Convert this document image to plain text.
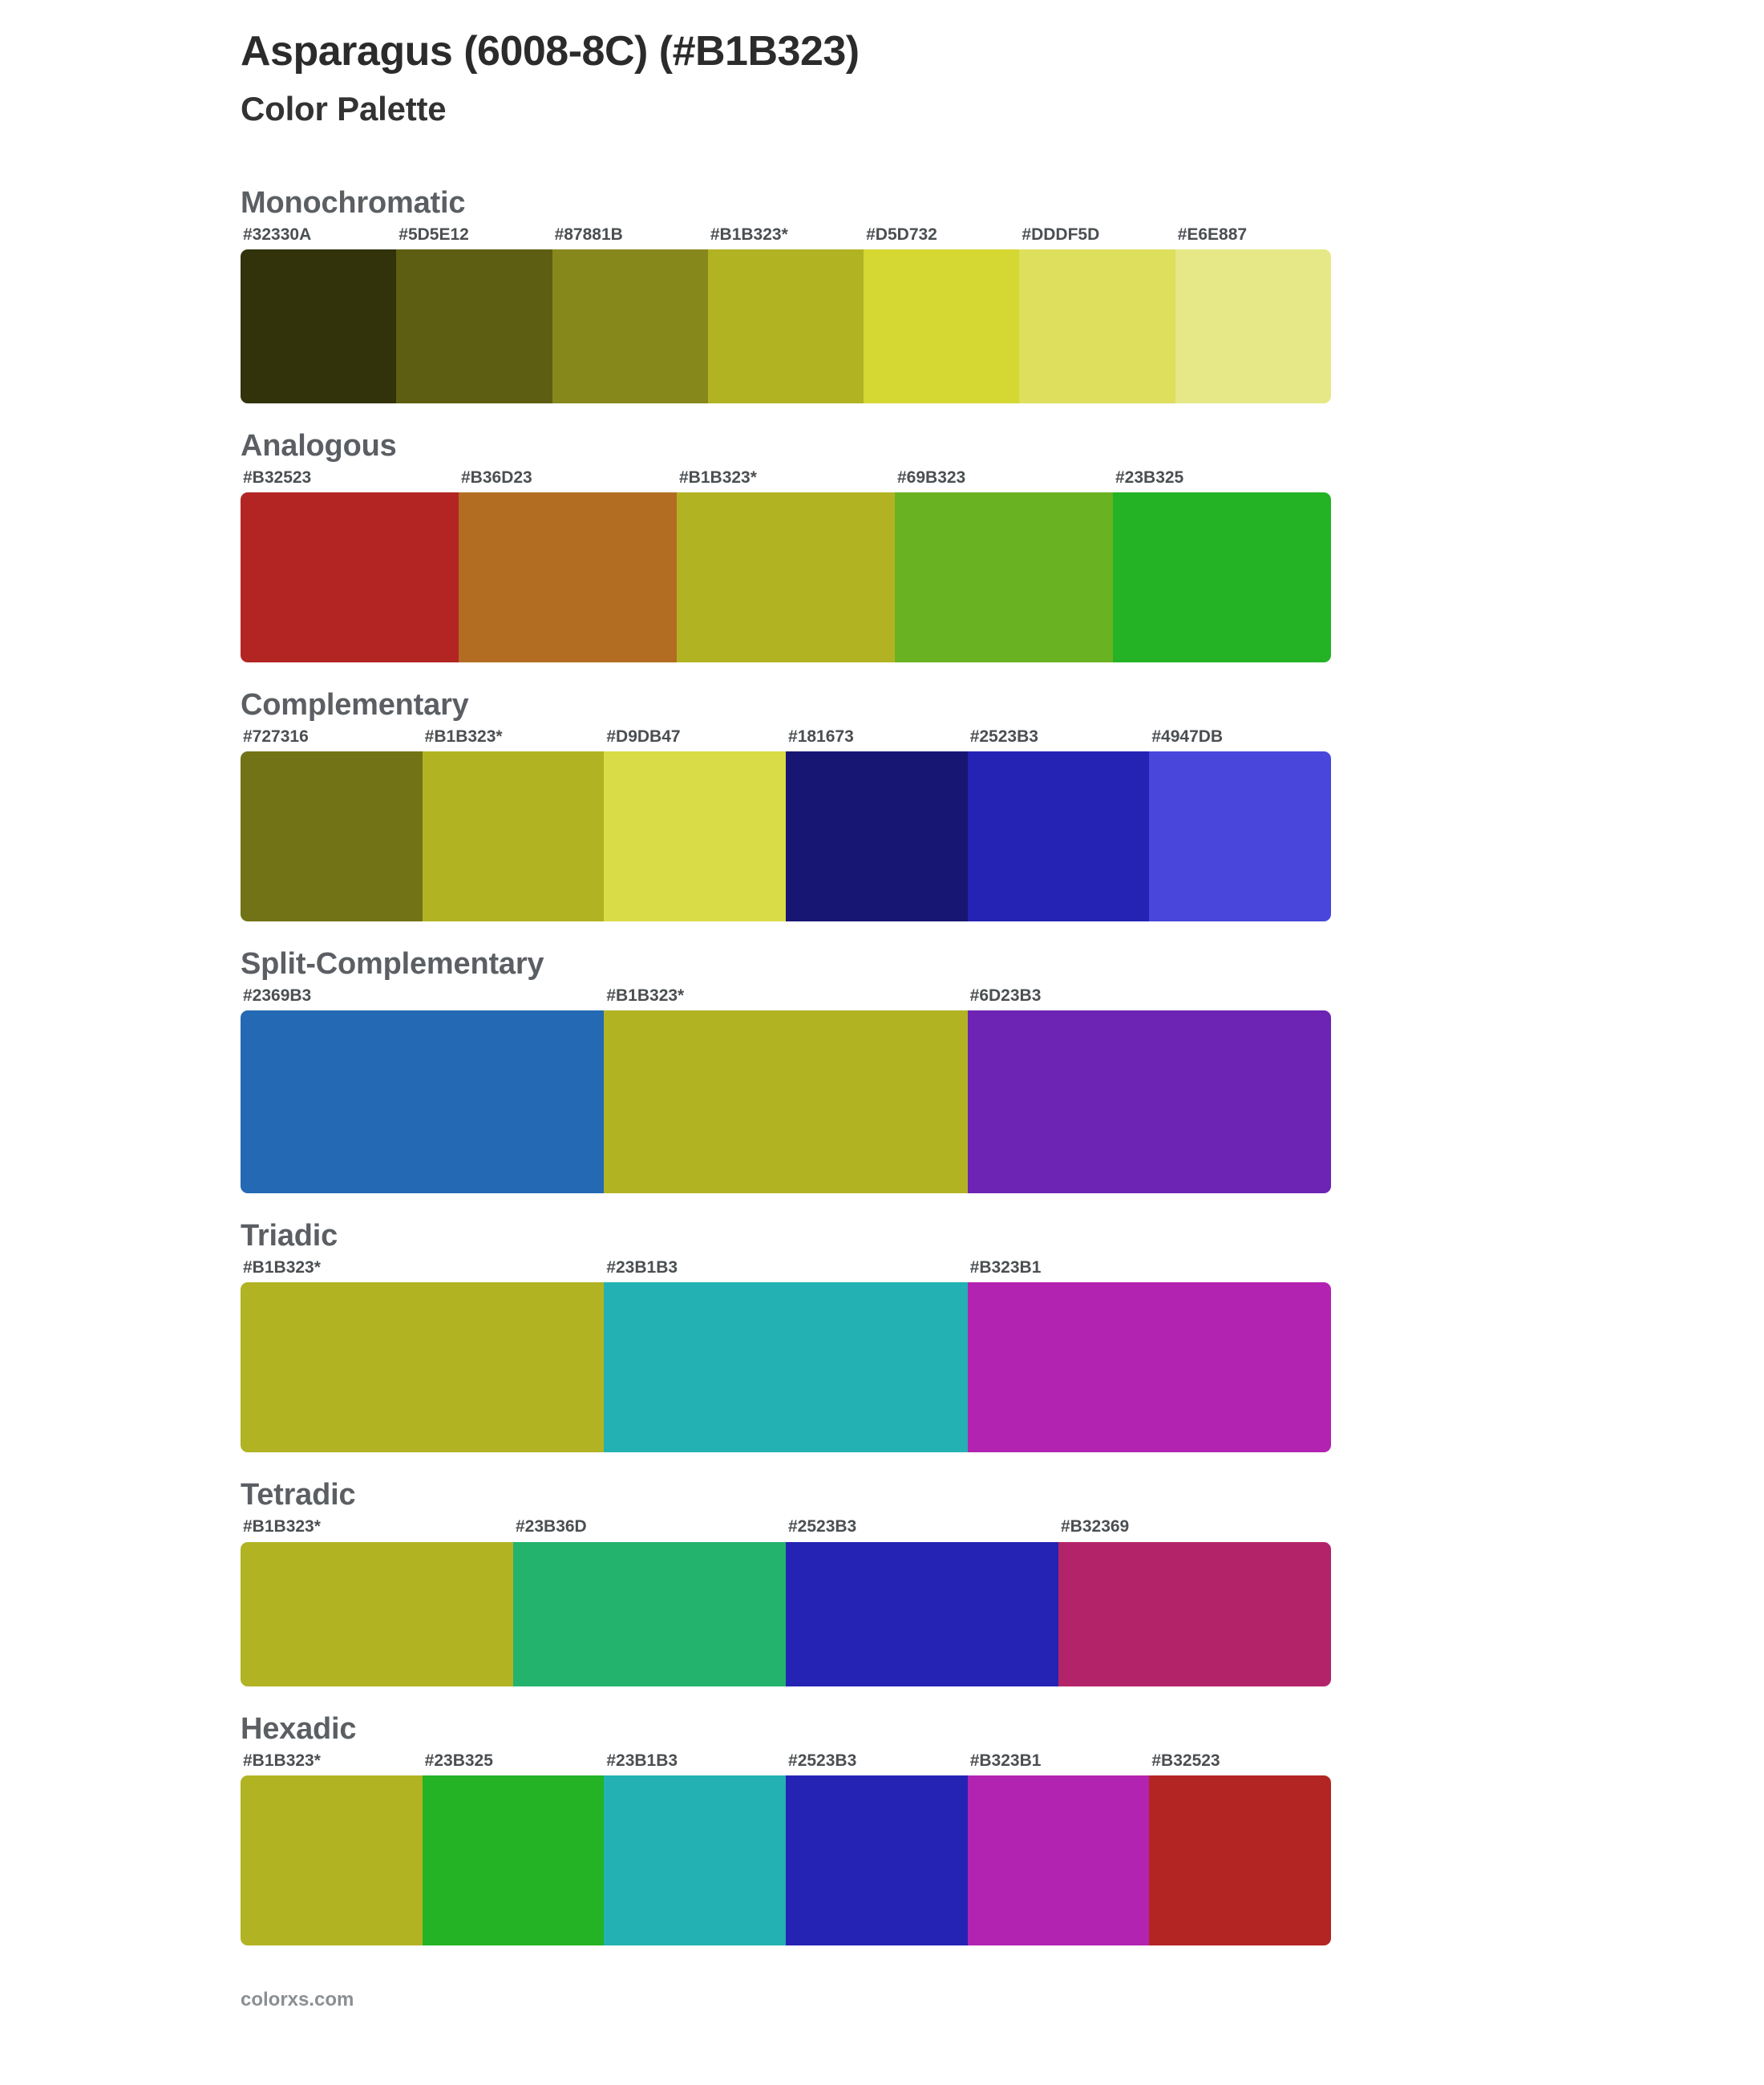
Asparagus (6008-8C) (#B1B323)
Color Palette
Monochromatic
#32330A	#5D5E12	#87881B	#B1B323*	#D5D732	#DDDF5D	#E6E887
Analogous
#B32523	#B36D23	#B1B323*	#69B323	#23B325
Complementary
#727316	#B1B323*	#D9DB47	#181673	#2523B3	#4947DB
Split-Complementary
#2369B3	#B1B323*	#6D23B3
Triadic
#B1B323*	#23B1B3	#B323B1
Tetradic
#B1B323*	#23B36D	#2523B3	#B32369
Hexadic
#B1B323*	#23B325	#23B1B3	#2523B3	#B323B1	#B32523
colorxs.com
